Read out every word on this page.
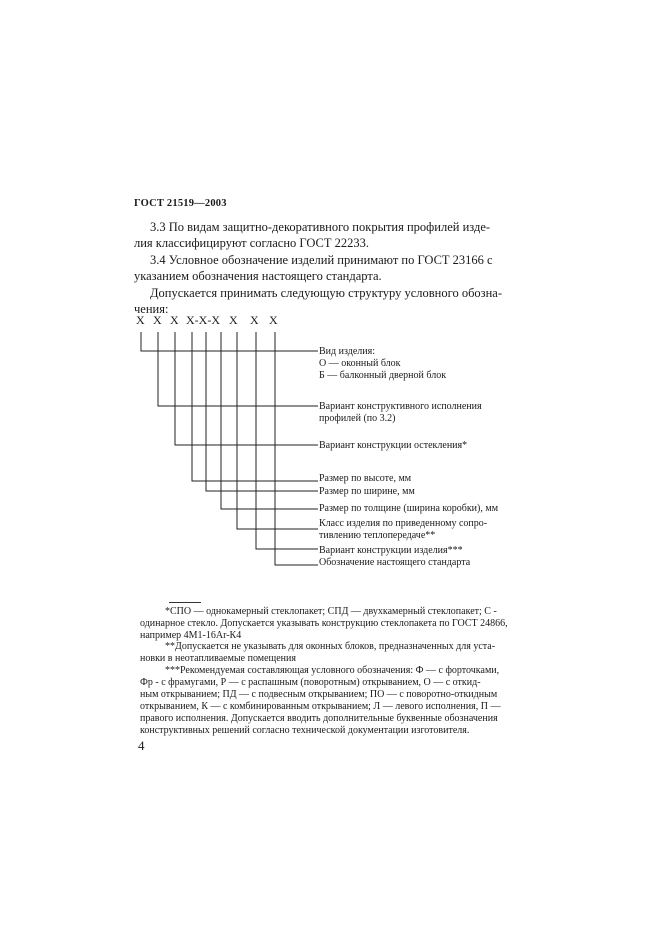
ГОСТ 21519—2003
3.3 По видам защитно-декоративного покрытия профилей изде-
лия классифицируют согласно ГОСТ 22233.
3.4 Условное обозначение изделий принимают по ГОСТ 23166 с
указанием обозначения настоящего стандарта.
Допускается принимать следующую структуру условного обозна-
чения:
X X X X-X-X X X X
Вид изделия:
О — оконный блок
Б — балконный дверной блок
Вариант конструктивного исполнения
профилей (по 3.2)
Вариант конструкции остекления*
Размер по высоте, мм
Размер по ширине, мм
Размер по толщине (ширина коробки), мм
Класс изделия по приведенному сопро-
тивлению теплопередаче**
Вариант конструкции изделия***
Обозначение настоящего стандарта
*СПО — однокамерный стеклопакет; СПД — двухкамерный стеклопакет; С -
одинарное стекло. Допускается указывать конструкцию стеклопакета по ГОСТ 24866,
например 4М1-16Ar-К4
**Допускается не указывать для оконных блоков, предназначенных для уста-
новки в неотапливаемые помещения
***Рекомендуемая составляющая условного обозначения: Ф — с форточками,
Фр - с фрамугами, Р — с распашным (поворотным) открыванием, О — с откид-
ным открыванием; ПД — с подвесным открыванием; ПО — с поворотно-откидным
открыванием, К — с комбинированным открыванием; Л — левого исполнения, П —
правого исполнения. Допускается вводить дополнительные буквенные обозначения
конструктивных решений согласно технической документации изготовителя.
4
